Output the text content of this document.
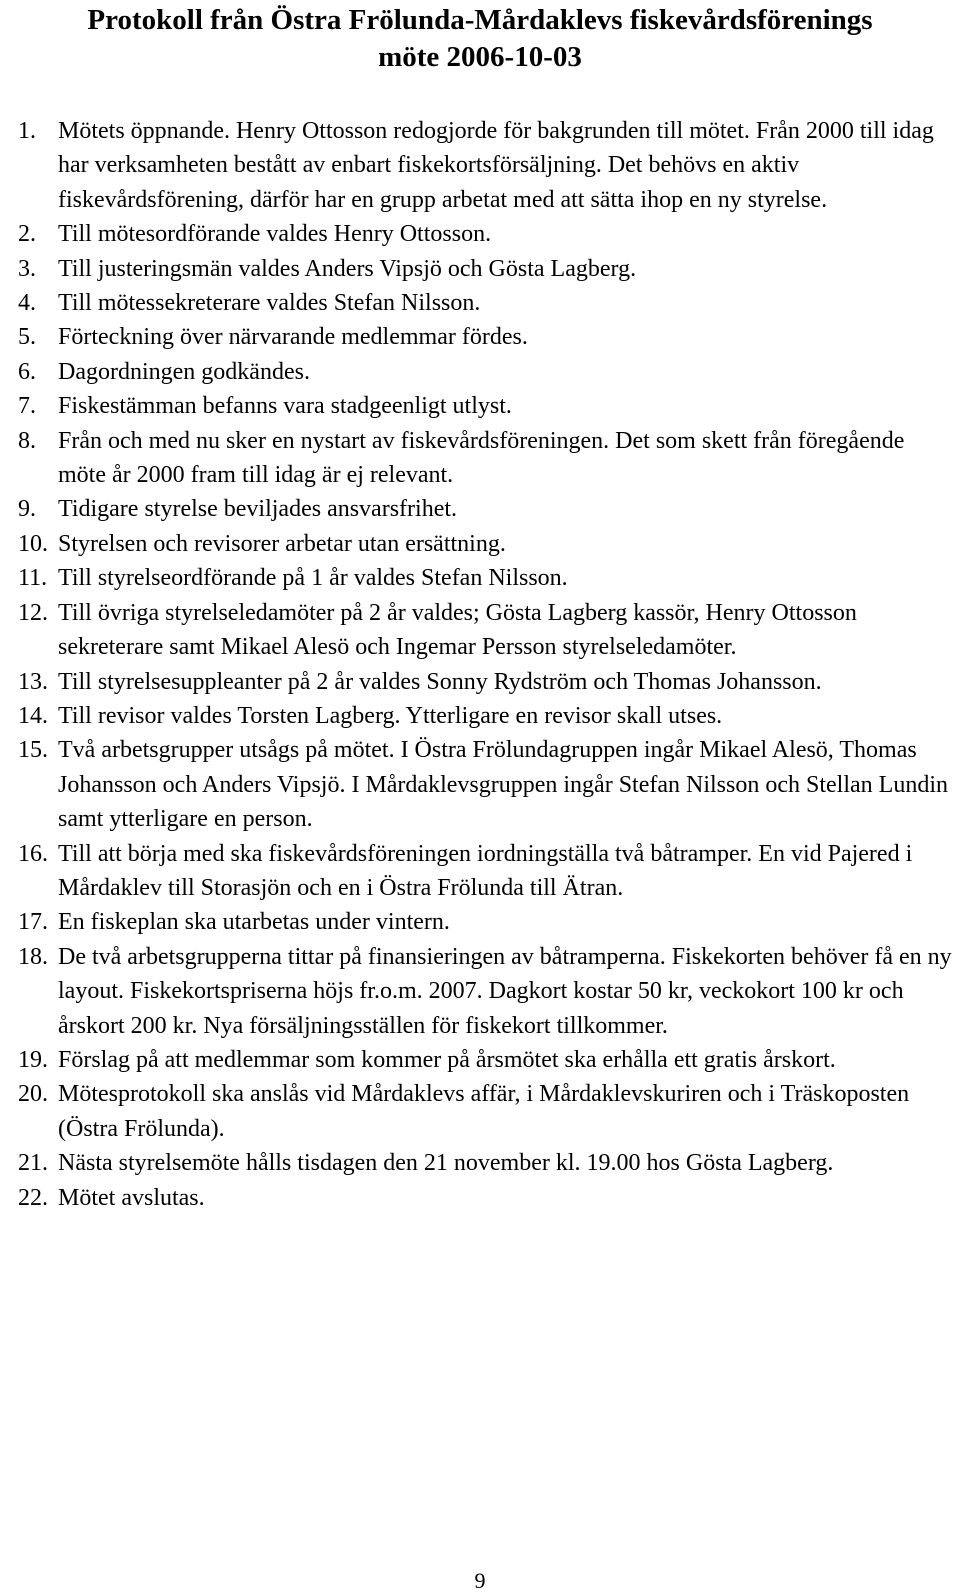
Protokoll från Östra Frölunda-Mårdaklevs fiskevårdsförenings
möte 2006-10-03
1. Mötets öppnande. Henry Ottosson redogjorde för bakgrunden till mötet. Från 2000 till idag har verksamheten bestått av enbart fiskekortsförsäljning. Det behövs en aktiv fiskevårdsförening, därför har en grupp arbetat med att sätta ihop en ny styrelse.
2. Till mötesordförande valdes Henry Ottosson.
3. Till justeringsmän valdes Anders Vipsjö och Gösta Lagberg.
4. Till mötessekreterare valdes Stefan Nilsson.
5. Förteckning över närvarande medlemmar fördes.
6. Dagordningen godkändes.
7. Fiskestämman befanns vara stadgeenligt utlyst.
8. Från och med nu sker en nystart av fiskevårdsföreningen. Det som skett från föregående möte år 2000 fram till idag är ej relevant.
9. Tidigare styrelse beviljades ansvarsfrihet.
10. Styrelsen och revisorer arbetar utan ersättning.
11. Till styrelseordförande på 1 år valdes Stefan Nilsson.
12. Till övriga styrelseledamöter på 2 år valdes; Gösta Lagberg kassör, Henry Ottosson sekreterare samt Mikael Alesö och Ingemar Persson styrelseledamöter.
13. Till styrelsesuppleanter på 2 år valdes Sonny Rydström och Thomas Johansson.
14. Till revisor valdes Torsten Lagberg. Ytterligare en revisor skall utses.
15. Två arbetsgrupper utsågs på mötet. I Östra Frölundagruppen ingår Mikael Alesö, Thomas Johansson och Anders Vipsjö. I Mårdaklevsgruppen ingår Stefan Nilsson och Stellan Lundin samt ytterligare en person.
16. Till att börja med ska fiskevårdsföreningen iordningställa två båtramper. En vid Pajered i Mårdaklev till Storasjön och en i Östra Frölunda till Ätran.
17. En fiskeplan ska utarbetas under vintern.
18. De två arbetsgrupperna tittar på finansieringen av båtramperna. Fiskekorten behöver få en ny layout. Fiskekortspriserna höjs fr.o.m. 2007. Dagkort kostar 50 kr, veckokort 100 kr och årskort 200 kr. Nya försäljningsställen för fiskekort tillkommer.
19. Förslag på att medlemmar som kommer på årsmötet ska erhålla ett gratis årskort.
20. Mötesprotokoll ska anslås vid Mårdaklevs affär, i Mårdaklevskuriren och i Träskoposten (Östra Frölunda).
21. Nästa styrelsemöte hålls tisdagen den 21 november kl. 19.00 hos Gösta Lagberg.
22. Mötet avslutas.
9
